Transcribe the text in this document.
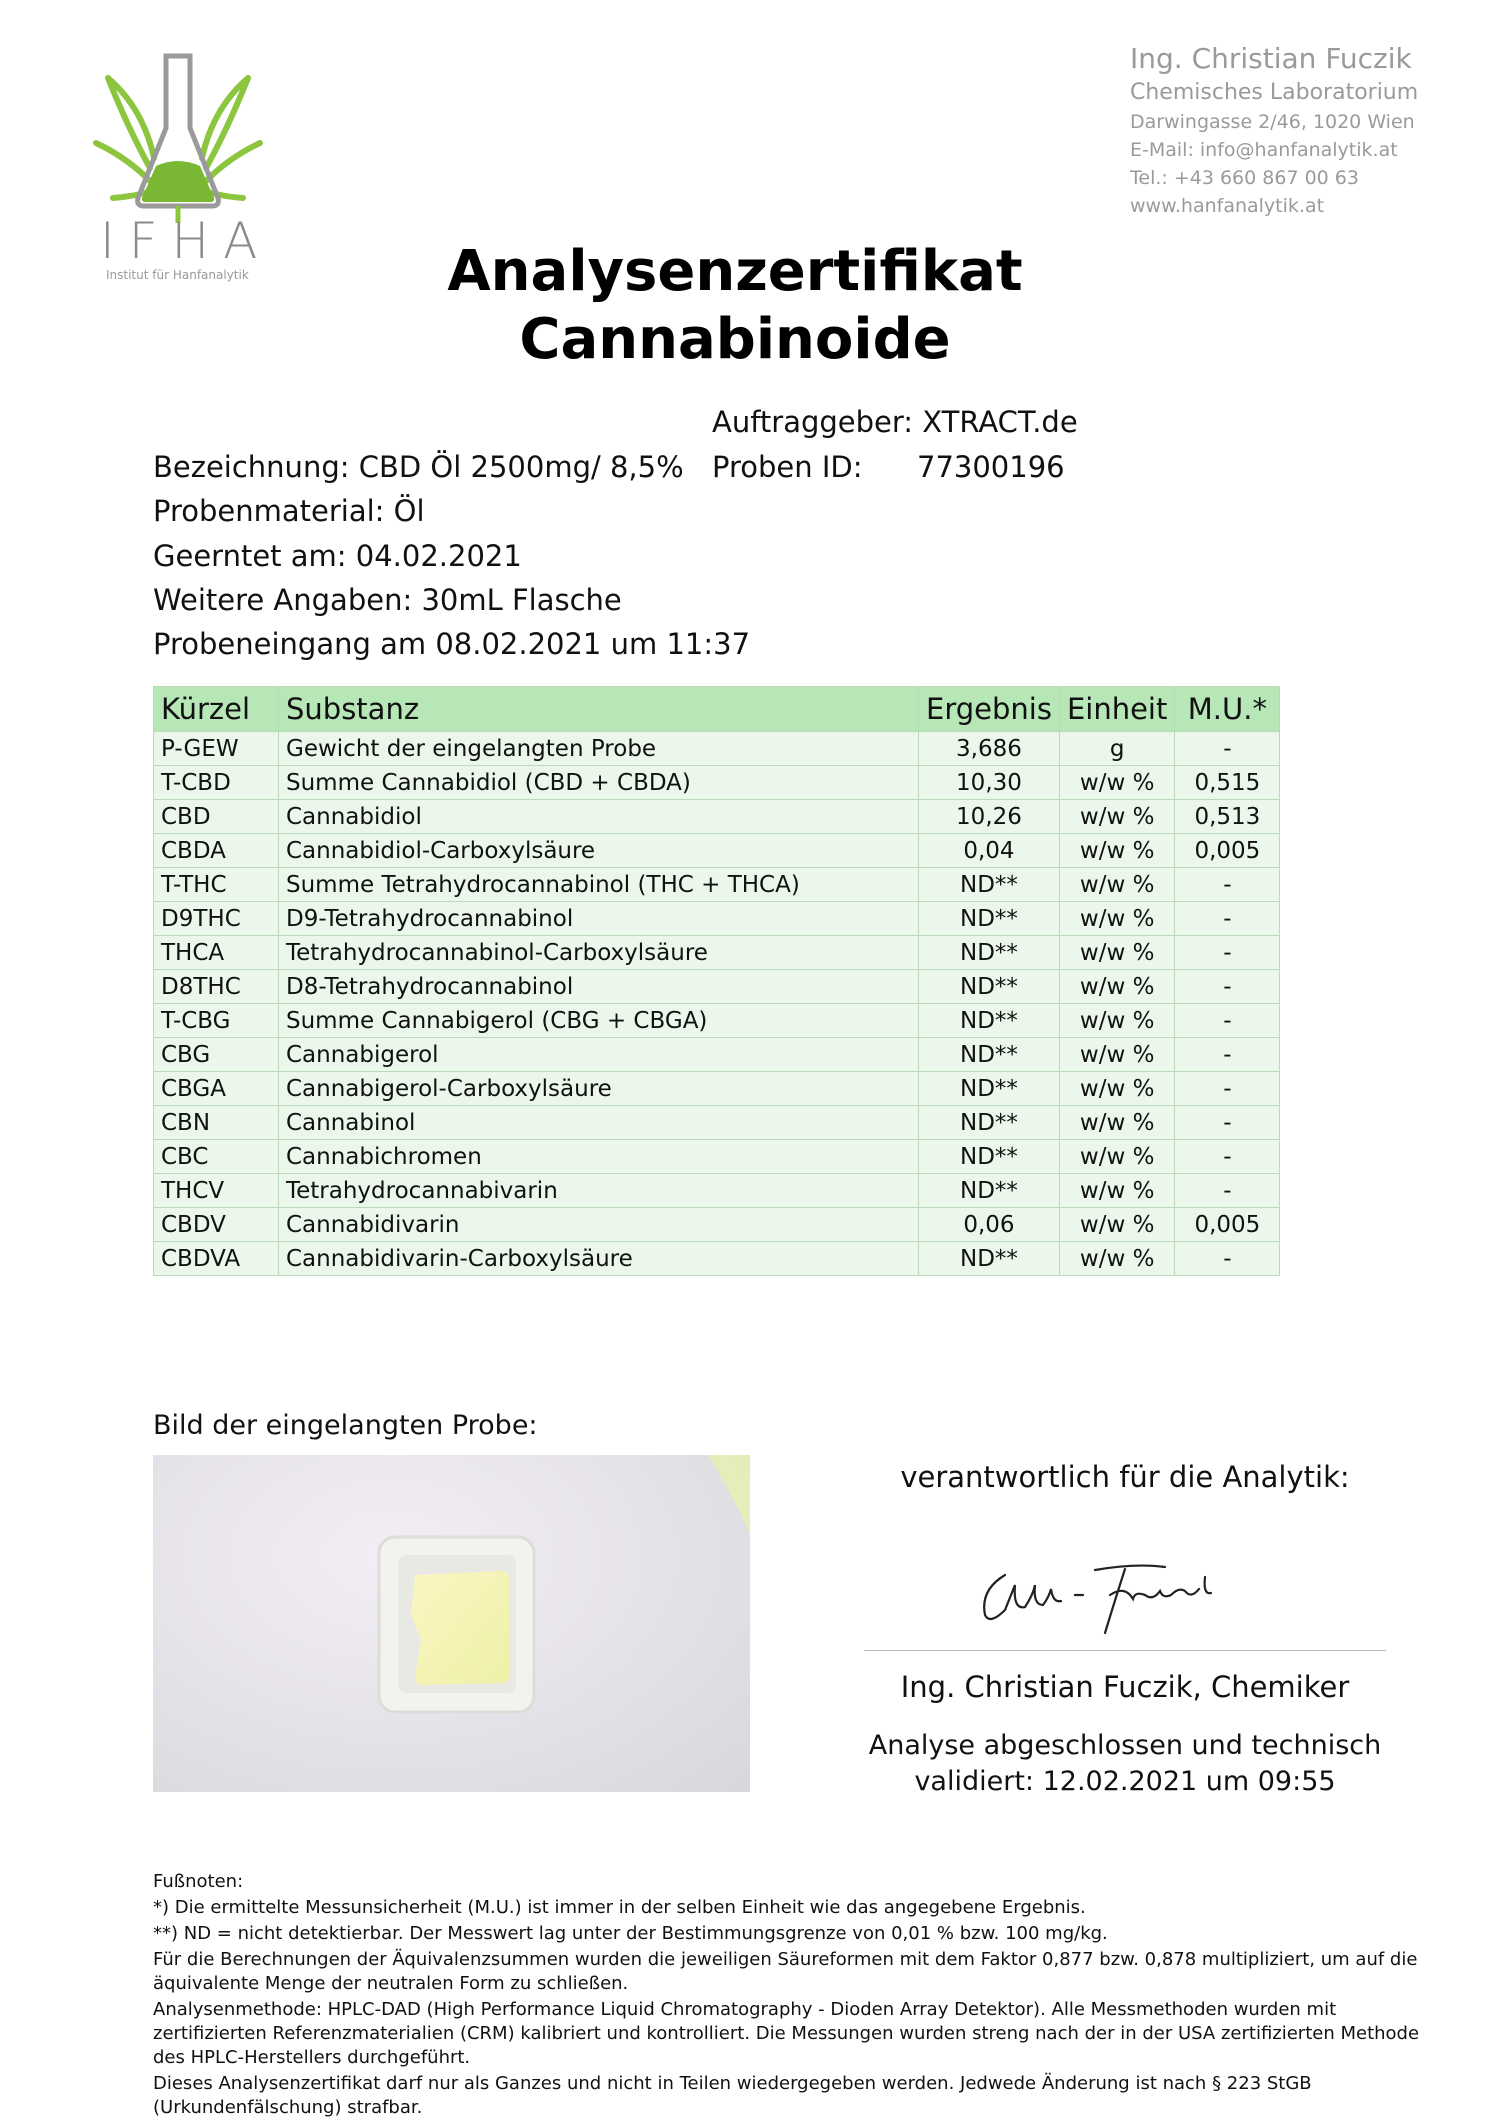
IFHA
Institut für Hanfanalytik
Ing. Christian Fuczik
Chemisches Laboratorium
Darwingasse 2/46, 1020 Wien
E-Mail: info@hanfanalytik.at
Tel.: +43 660 867 00 63
www.hanfanalytik.at
Analysenzertifikat
Cannabinoide
Auftraggeber: XTRACT.de
Bezeichnung: CBD Öl 2500mg/ 8,5% Proben ID: 77300196
Probenmaterial: Öl
Geerntet am: 04.02.2021
Weitere Angaben: 30mL Flasche
Probeneingang am 08.02.2021 um 11:37
Kürzel	Substanz	Ergebnis	Einheit	M.U.*
P-GEW	Gewicht der eingelangten Probe	3,686	g	-
T-CBD	Summe Cannabidiol (CBD + CBDA)	10,30	w/w %	0,515
CBD	Cannabidiol	10,26	w/w %	0,513
CBDA	Cannabidiol-Carboxylsäure	0,04	w/w %	0,005
T-THC	Summe Tetrahydrocannabinol (THC + THCA)	ND**	w/w %	-
D9THC	D9-Tetrahydrocannabinol	ND**	w/w %	-
THCA	Tetrahydrocannabinol-Carboxylsäure	ND**	w/w %	-
D8THC	D8-Tetrahydrocannabinol	ND**	w/w %	-
T-CBG	Summe Cannabigerol (CBG + CBGA)	ND**	w/w %	-
CBG	Cannabigerol	ND**	w/w %	-
CBGA	Cannabigerol-Carboxylsäure	ND**	w/w %	-
CBN	Cannabinol	ND**	w/w %	-
CBC	Cannabichromen	ND**	w/w %	-
THCV	Tetrahydrocannabivarin	ND**	w/w %	-
CBDV	Cannabidivarin	0,06	w/w %	0,005
CBDVA	Cannabidivarin-Carboxylsäure	ND**	w/w %	-
Bild der eingelangten Probe:
verantwortlich für die Analytik:
Ing. Christian Fuczik, Chemiker
Analyse abgeschlossen und technisch
validiert: 12.02.2021 um 09:55

Fußnoten:

*) Die ermittelte Messunsicherheit (M.U.) ist immer in der selben Einheit wie das angegebene Ergebnis.

**) ND = nicht detektierbar. Der Messwert lag unter der Bestimmungsgrenze von 0,01 % bzw. 100 mg/kg.

Für die Berechnungen der Äquivalenzsummen wurden die jeweiligen Säureformen mit dem Faktor 0,877 bzw. 0,878 multipliziert, um auf die äquivalente Menge der neutralen Form zu schließen.

Analysenmethode: HPLC-DAD (High Performance Liquid Chromatography - Dioden Array Detektor). Alle Messmethoden wurden mit zertifizierten Referenzmaterialien (CRM) kalibriert und kontrolliert. Die Messungen wurden streng nach der in der USA zertifizierten Methode des HPLC-Herstellers durchgeführt.

Dieses Analysenzertifikat darf nur als Ganzes und nicht in Teilen wiedergegeben werden. Jedwede Änderung ist nach § 223 StGB (Urkundenfälschung) strafbar.
